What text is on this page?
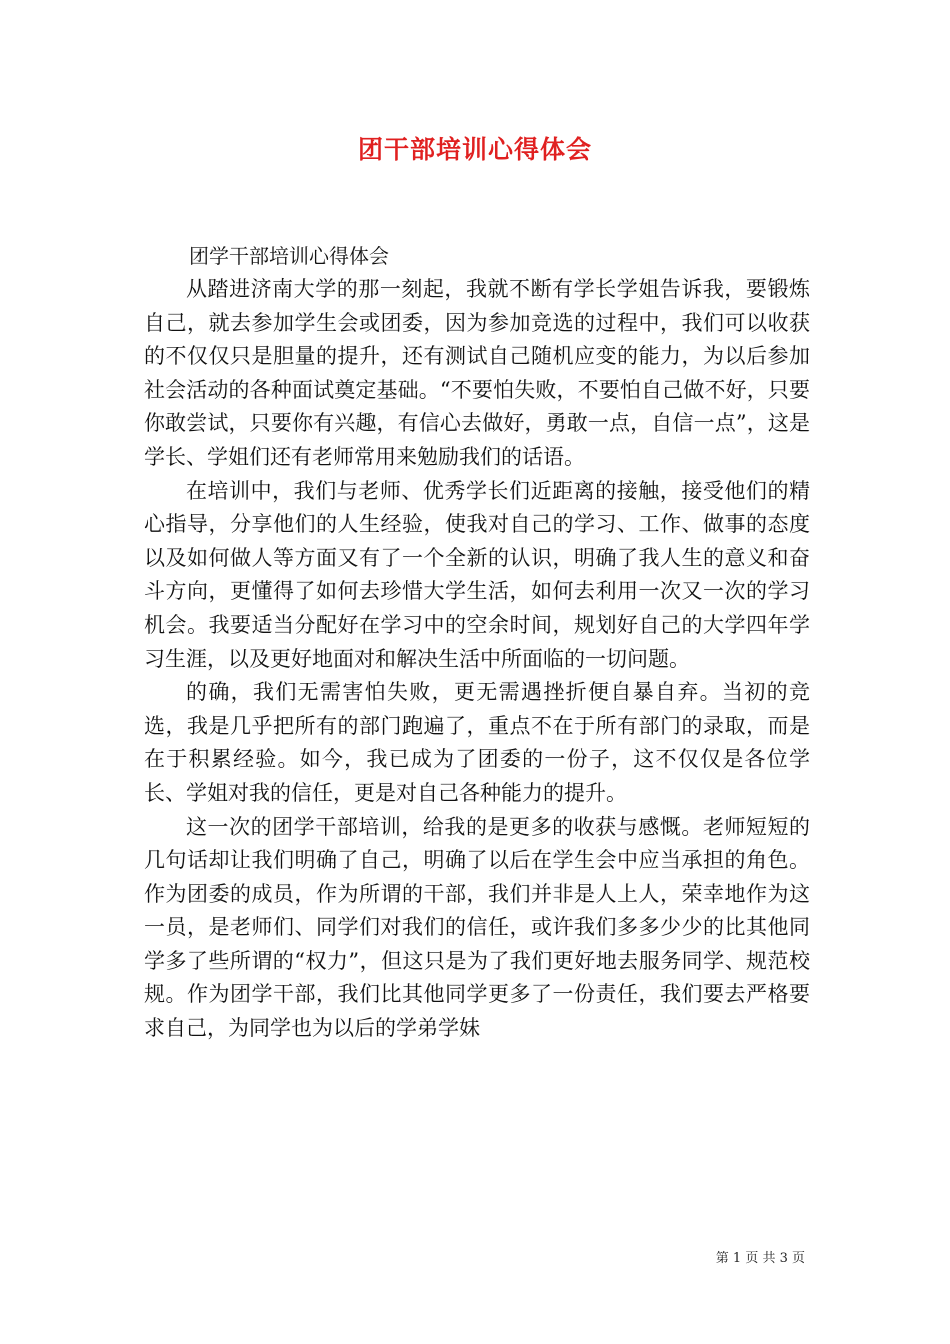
团干部培训心得体会

团学干部培训心得体会

从踏进济南大学的那一刻起，我就不断有学长学姐告诉我，要锻炼自己，就去参加学生会或团委，因为参加竞选的过程中，我们可以收获的不仅仅只是胆量的提升，还有测试自己随机应变的能力，为以后参加社会活动的各种面试奠定基础。“不要怕失败，不要怕自己做不好，只要你敢尝试，只要你有兴趣，有信心去做好，勇敢一点，自信一点”，这是学长、学姐们还有老师常用来勉励我们的话语。

在培训中，我们与老师、优秀学长们近距离的接触，接受他们的精心指导，分享他们的人生经验，使我对自己的学习、工作、做事的态度以及如何做人等方面又有了一个全新的认识，明确了我人生的意义和奋斗方向，更懂得了如何去珍惜大学生活，如何去利用一次又一次的学习机会。我要适当分配好在学习中的空余时间，规划好自己的大学四年学习生涯，以及更好地面对和解决生活中所面临的一切问题。

的确，我们无需害怕失败，更无需遇挫折便自暴自弃。当初的竞选，我是几乎把所有的部门跑遍了，重点不在于所有部门的录取，而是在于积累经验。如今，我已成为了团委的一份子，这不仅仅是各位学长、学姐对我的信任，更是对自己各种能力的提升。

这一次的团学干部培训，给我的是更多的收获与感慨。老师短短的几句话却让我们明确了自己，明确了以后在学生会中应当承担的角色。作为团委的成员，作为所谓的干部，我们并非是人上人，荣幸地作为这一员，是老师们、同学们对我们的信任，或许我们多多少少的比其他同学多了些所谓的“权力”，但这只是为了我们更好地去服务同学、规范校规。作为团学干部，我们比其他同学更多了一份责任，我们要去严格要求自己，为同学也为以后的学弟学妹

第 1 页 共 3 页
